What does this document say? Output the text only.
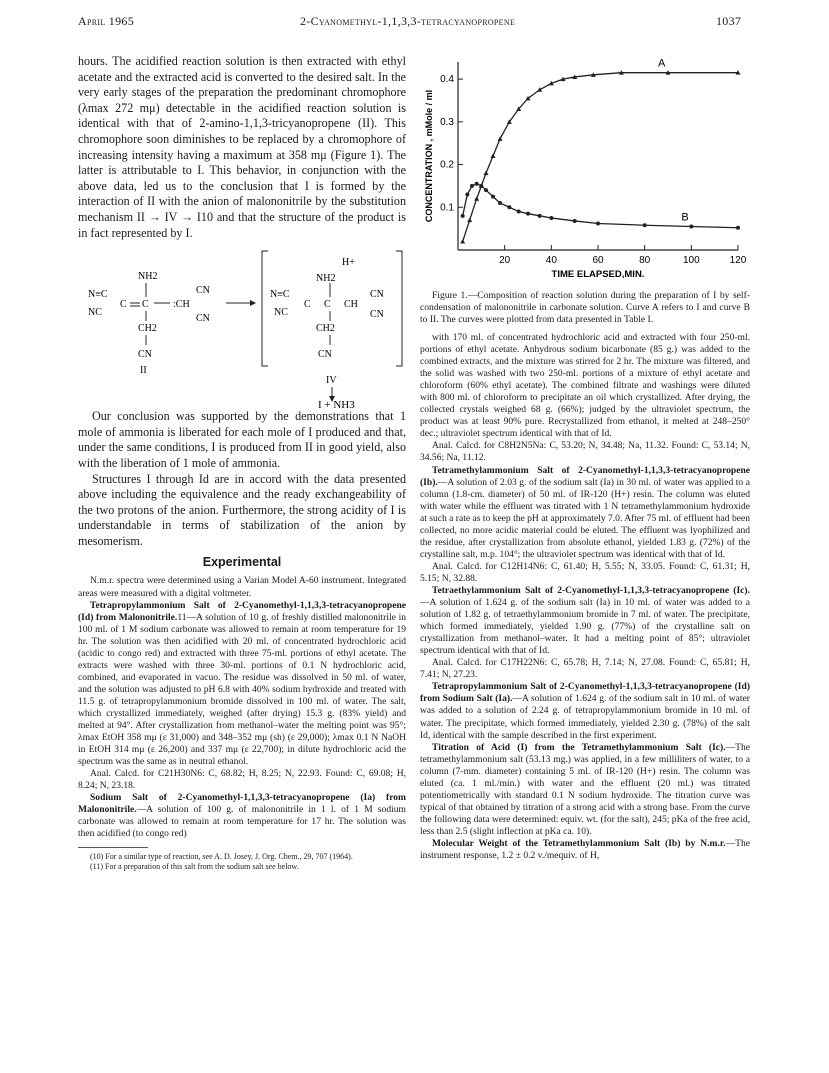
April 1965	2-Cyanomethyl-1,1,3,3-tetracyanopropene	1037

hours. The acidified reaction solution is then extracted with ethyl acetate and the extracted acid is converted to the desired salt. In the very early stages of the preparation the predominant chromophore (λmax 272 mμ) detectable in the acidified reaction solution is identical with that of 2-amino-1,1,3-tricyanopropene (II). This chromophore soon diminishes to be replaced by a chromophore of increasing intensity having a maximum at 358 mμ (Figure 1). The latter is attributable to I. This behavior, in conjunction with the above data, led us to the conclusion that I is formed by the interaction of II with the anion of malononitrile by the substitution mechanism II → IV → I10 and that the structure of the product is in fact represented by I.

N≡C
NC
C C
NH2
CH2
CN
II
:CH
CN
CN
H+
N≡C
NC
C C
NH2
CH2
CN
CH
CN
CN
IV
I + NH3

Our conclusion was supported by the demonstrations that 1 mole of ammonia is liberated for each mole of I produced and that, under the same conditions, I is produced from II in good yield, also with the liberation of 1 mole of ammonia.

Structures I through Id are in accord with the data presented above including the equivalence and the ready exchangeability of the two protons of the anion. Furthermore, the strong acidity of I is understandable in terms of stabilization of the anion by mesomerism.

Experimental

N.m.r. spectra were determined using a Varian Model A-60 instrument. Integrated areas were measured with a digital voltmeter.

Tetrapropylammonium Salt of 2-Cyanomethyl-1,1,3,3-tetracyanopropene (Id) from Malononitrile.11—A solution of 10 g. of freshly distilled malononitrile in 100 ml. of 1 M sodium carbonate was allowed to remain at room temperature for 19 hr. The solution was then acidified with 20 ml. of concentrated hydrochloric acid (acidic to congo red) and extracted with three 75-ml. portions of ethyl acetate. The extracts were washed with three 30-ml. portions of 0.1 N hydrochloric acid, combined, and evaporated in vacuo. The residue was dissolved in 50 ml. of water, and the solution was adjusted to pH 6.8 with 40% sodium hydroxide and treated with 11.5 g. of tetrapropylammonium bromide dissolved in 100 ml. of water. The salt, which crystallized immediately, weighed (after drying) 15.3 g. (83% yield) and melted at 94°. After crystallization from methanol–water the melting point was 95°; λmax EtOH 358 mμ (ε 31,000) and 348–352 mμ (sh) (ε 29,000); λmax 0.1 N NaOH in EtOH 314 mμ (ε 26,200) and 337 mμ (ε 22,700); in dilute hydrochloric acid the spectrum was the same as in neutral ethanol.

Anal. Calcd. for C21H30N6: C, 68.82; H, 8.25; N, 22.93. Found: C, 69.08; H, 8.24; N, 23.18.

Sodium Salt of 2-Cyanomethyl-1,1,3,3-tetracyanopropene (Ia) from Malononitrile.—A solution of 100 g. of malononitrile in 1 l. of 1 M sodium carbonate was allowed to remain at room temperature for 17 hr. The solution was then acidified (to congo red)

(10) For a similar type of reaction, see A. D. Josey, J. Org. Chem., 29, 707 (1964).

(11) For a preparation of this salt from the sodium salt see below.

20	40	60	80	100	120
0.1
0.2
0.3
0.4
TIME ELAPSED,MIN.
CONCENTRATION , mMole / ml
A
B

Figure 1.—Composition of reaction solution during the preparation of I by self-condensation of malononitrile in carbonate solution. Curve A refers to I and curve B to II. The curves were plotted from data presented in Table I.

with 170 ml. of concentrated hydrochloric acid and extracted with four 250-ml. portions of ethyl acetate. Anhydrous sodium bicarbonate (85 g.) was added to the combined extracts, and the mixture was stirred for 2 hr. The mixture was filtered, and the solid was washed with two 250-ml. portions of a mixture of ethyl acetate and chloroform (60% ethyl acetate). The combined filtrate and washings were diluted with 800 ml. of chloroform to precipitate an oil which crystallized. After drying, the collected crystals weighed 68 g. (66%); judged by the ultraviolet spectrum, the product was at least 90% pure. Recrystallized from ethanol, it melted at 248–250° dec.; ultraviolet spectrum identical with that of Id.

Anal. Calcd. for C8H2N5Na: C, 53.20; N, 34.48; Na, 11.32. Found: C, 53.14; N, 34.56; Na, 11.12.

Tetramethylammonium Salt of 2-Cyanomethyl-1,1,3,3-tetracyanopropene (Ib).—A solution of 2.03 g. of the sodium salt (Ia) in 30 ml. of water was applied to a column (1.8-cm. diameter) of 50 ml. of IR-120 (H+) resin. The column was eluted with water while the effluent was titrated with 1 N tetramethylammonium hydroxide at such a rate as to keep the pH at approximately 7.0. After 75 ml. of effluent had been collected, no more acidic material could be eluted. The effluent was lyophilized and the residue, after crystallization from absolute ethanol, yielded 1.83 g. (72%) of the crystalline salt, m.p. 104°; the ultraviolet spectrum was identical with that of Id.

Anal. Calcd. for C12H14N6: C, 61.40; H, 5.55; N, 33.05. Found: C, 61.31; H, 5.15; N, 32.88.

Tetraethylammonium Salt of 2-Cyanomethyl-1,1,3,3-tetracyanopropene (Ic).—A solution of 1.624 g. of the sodium salt (Ia) in 10 ml. of water was added to a solution of 1.82 g. of tetraethylammonium bromide in 7 ml. of water. The precipitate, which formed immediately, yielded 1.90 g. (77%) of the crystalline salt on crystallization from methanol–water. It had a melting point of 85°; ultraviolet spectrum identical with that of Id.

Anal. Calcd. for C17H22N6: C, 65.78; H, 7.14; N, 27.08. Found: C, 65.81; H, 7.41; N, 27.23.

Tetrapropylammonium Salt of 2-Cyanomethyl-1,1,3,3-tetracyanopropene (Id) from Sodium Salt (Ia).—A solution of 1.624 g. of the sodium salt in 10 ml. of water was added to a solution of 2.24 g. of tetrapropylammonium bromide in 10 ml. of water. The precipitate, which formed immediately, yielded 2.30 g. (78%) of the salt Id, identical with the sample described in the first experiment.

Titration of Acid (I) from the Tetramethylammonium Salt (Ic).—The tetramethylammonium salt (53.13 mg.) was applied, in a few milliliters of water, to a column (7-mm. diameter) containing 5 ml. of IR-120 (H+) resin. The column was eluted (ca. 1 ml./min.) with water and the effluent (20 ml.) was titrated potentiometrically with standard 0.1 N sodium hydroxide. The titration curve was typical of that obtained by titration of a strong acid with a strong base. From the curve the following data were determined: equiv. wt. (for the salt), 245; pKa of the free acid, less than 2.5 (slight inflection at pKa ca. 10).

Molecular Weight of the Tetramethylammonium Salt (Ib) by N.m.r.—The instrument response, 1.2 ± 0.2 v./mequiv. of H,
